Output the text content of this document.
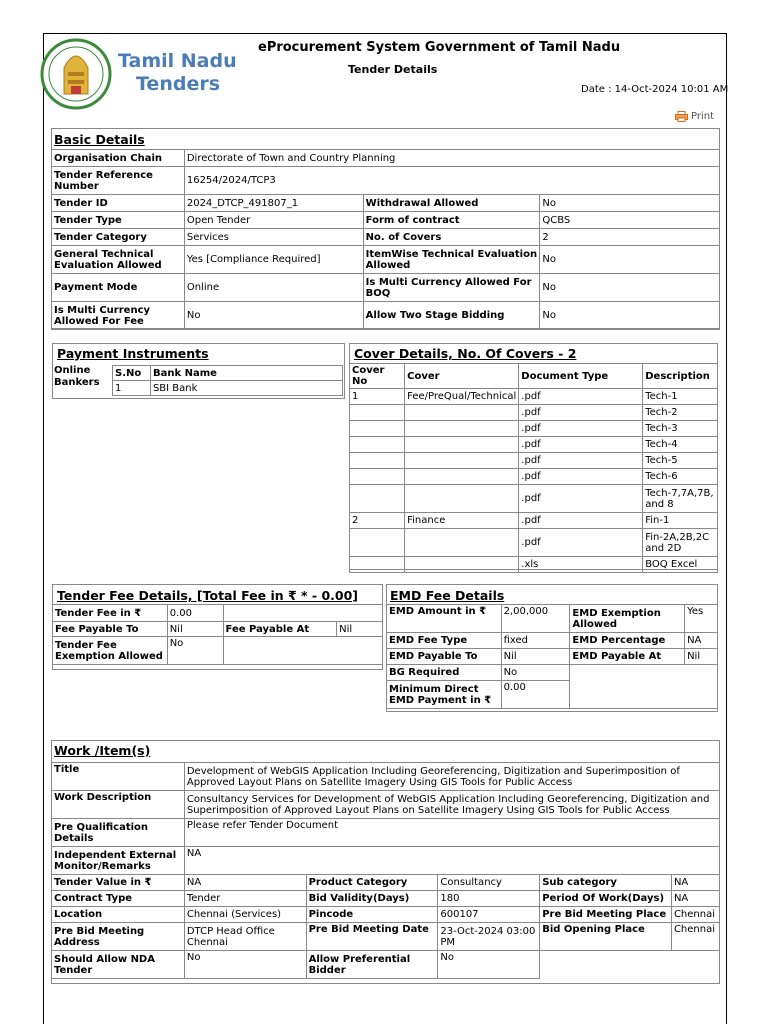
Tamil Nadu
Tenders
eProcurement System Government of Tamil Nadu
Tender Details
Date : 14-Oct-2024 10:01 AM
Print
Basic Details
Organisation Chain	Directorate of Town and Country Planning		
Tender Reference Number	16254/2024/TCP3		
Tender ID	2024_DTCP_491807_1	Withdrawal Allowed	No
Tender Type	Open Tender	Form of contract	QCBS
Tender Category	Services	No. of Covers	2
General Technical Evaluation Allowed	Yes [Compliance Required]	ItemWise Technical Evaluation Allowed	No
Payment Mode	Online	Is Multi Currency Allowed For BOQ	No
Is Multi Currency Allowed For Fee	No	Allow Two Stage Bidding	No
Payment Instruments
Online Bankers
S.No	Bank Name
1	SBI Bank
Cover Details, No. Of Covers - 2
Cover No	Cover	Document Type	Description
1	Fee/PreQual/Technical	.pdf	Tech-1
		.pdf	Tech-2
		.pdf	Tech-3
		.pdf	Tech-4
		.pdf	Tech-5
		.pdf	Tech-6
		.pdf	Tech-7,7A,7B, and 8
2	Finance	.pdf	Fin-1
		.pdf	Fin-2A,2B,2C and 2D
		.xls	BOQ Excel
Tender Fee Details, [Total Fee in ₹ * - 0.00]
Tender Fee in ₹	0.00		
Fee Payable To	Nil	Fee Payable At	Nil
Tender Fee Exemption Allowed	No		
EMD Fee Details
EMD Amount in ₹	2,00,000	EMD Exemption Allowed	Yes
EMD Fee Type	fixed	EMD Percentage	NA
EMD Payable To	Nil	EMD Payable At	Nil
BG Required	No		
Minimum Direct EMD Payment in ₹	0.00		
Work /Item(s)
Title	Development of WebGIS Application Including Georeferencing, Digitization and Superimposition of Approved Layout Plans on Satellite Imagery Using GIS Tools for Public Access				
Work Description	Consultancy Services for Development of WebGIS Application Including Georeferencing, Digitization and Superimposition of Approved Layout Plans on Satellite Imagery Using GIS Tools for Public Access				
Pre Qualification Details	Please refer Tender Document				
Independent External Monitor/Remarks	NA				
Tender Value in ₹	NA	Product Category	Consultancy	Sub category	NA
Contract Type	Tender	Bid Validity(Days)	180	Period Of Work(Days)	NA
Location	Chennai (Services)	Pincode	600107	Pre Bid Meeting Place	Chennai
Pre Bid Meeting Address	DTCP Head Office Chennai	Pre Bid Meeting Date	23-Oct-2024 03:00 PM	Bid Opening Place	Chennai
Should Allow NDA Tender	No	Allow Preferential Bidder	No		
